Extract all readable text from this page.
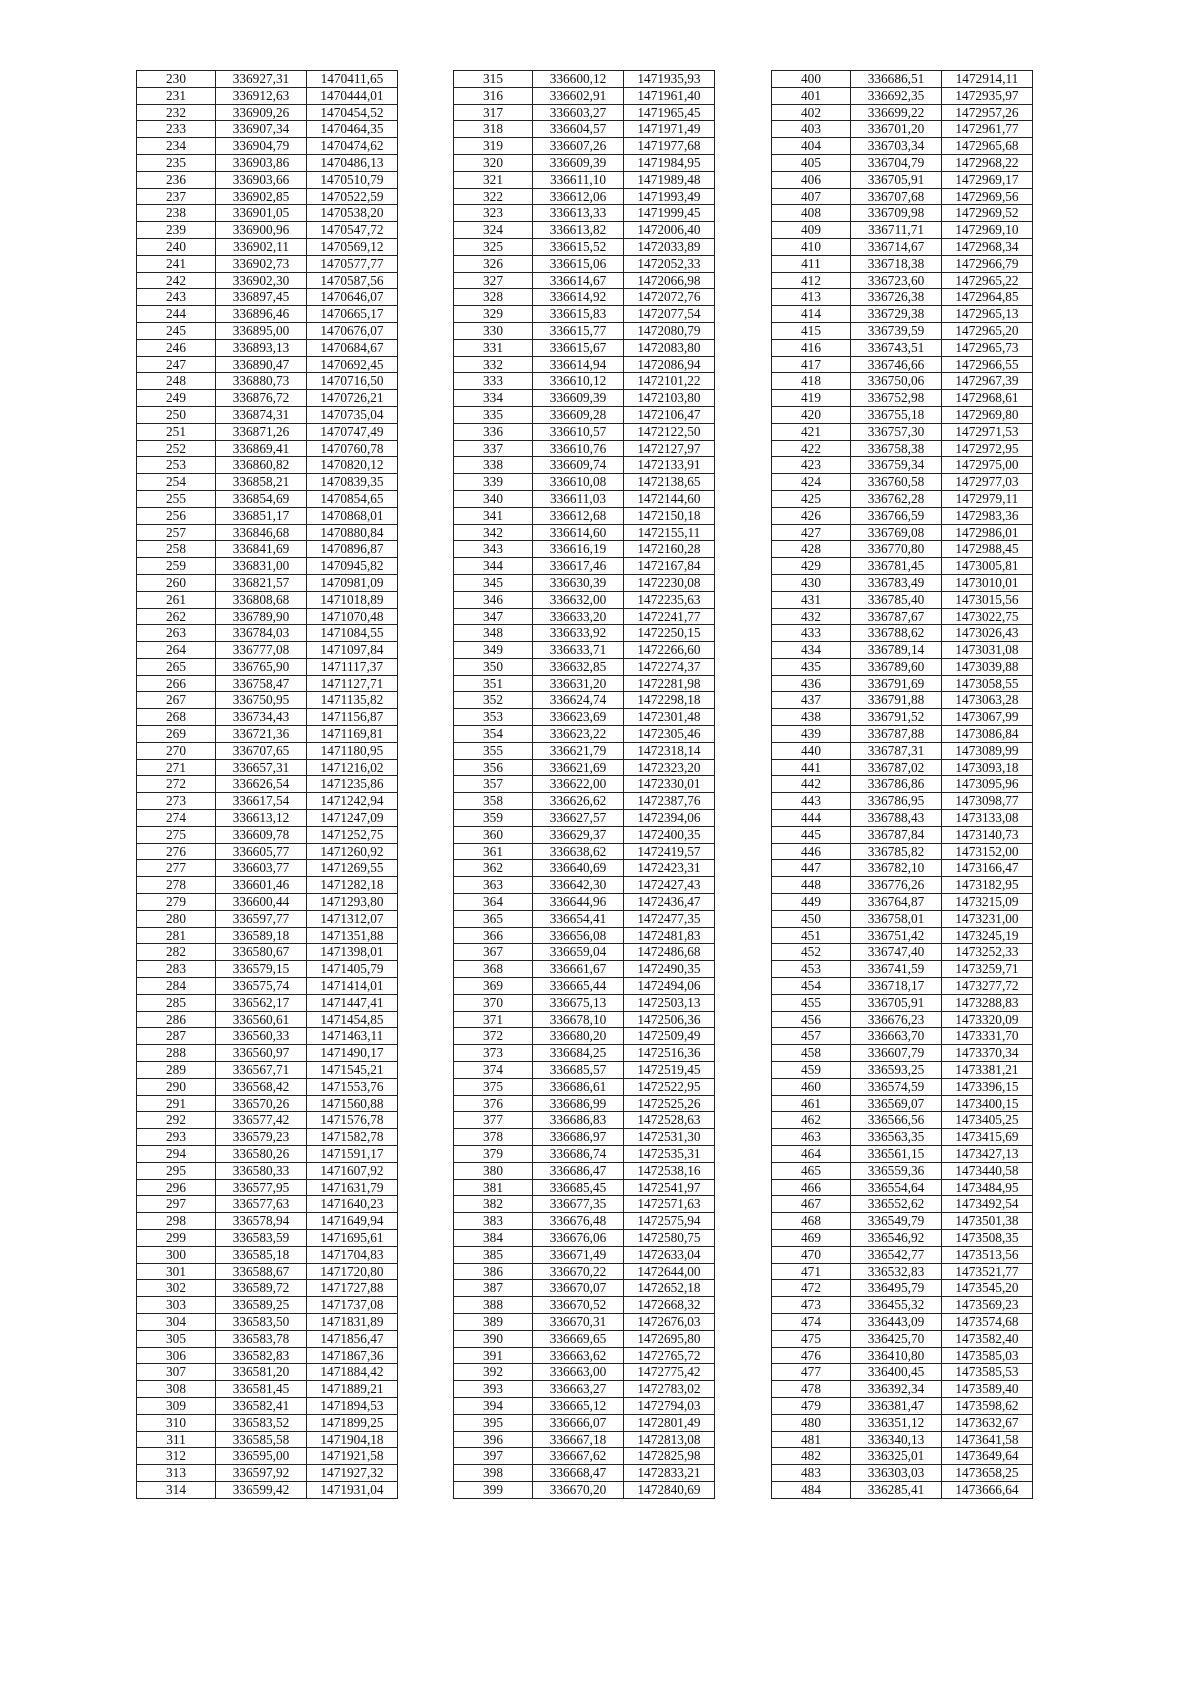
230	336927,31	1470411,65
231	336912,63	1470444,01
232	336909,26	1470454,52
233	336907,34	1470464,35
234	336904,79	1470474,62
235	336903,86	1470486,13
236	336903,66	1470510,79
237	336902,85	1470522,59
238	336901,05	1470538,20
239	336900,96	1470547,72
240	336902,11	1470569,12
241	336902,73	1470577,77
242	336902,30	1470587,56
243	336897,45	1470646,07
244	336896,46	1470665,17
245	336895,00	1470676,07
246	336893,13	1470684,67
247	336890,47	1470692,45
248	336880,73	1470716,50
249	336876,72	1470726,21
250	336874,31	1470735,04
251	336871,26	1470747,49
252	336869,41	1470760,78
253	336860,82	1470820,12
254	336858,21	1470839,35
255	336854,69	1470854,65
256	336851,17	1470868,01
257	336846,68	1470880,84
258	336841,69	1470896,87
259	336831,00	1470945,82
260	336821,57	1470981,09
261	336808,68	1471018,89
262	336789,90	1471070,48
263	336784,03	1471084,55
264	336777,08	1471097,84
265	336765,90	1471117,37
266	336758,47	1471127,71
267	336750,95	1471135,82
268	336734,43	1471156,87
269	336721,36	1471169,81
270	336707,65	1471180,95
271	336657,31	1471216,02
272	336626,54	1471235,86
273	336617,54	1471242,94
274	336613,12	1471247,09
275	336609,78	1471252,75
276	336605,77	1471260,92
277	336603,77	1471269,55
278	336601,46	1471282,18
279	336600,44	1471293,80
280	336597,77	1471312,07
281	336589,18	1471351,88
282	336580,67	1471398,01
283	336579,15	1471405,79
284	336575,74	1471414,01
285	336562,17	1471447,41
286	336560,61	1471454,85
287	336560,33	1471463,11
288	336560,97	1471490,17
289	336567,71	1471545,21
290	336568,42	1471553,76
291	336570,26	1471560,88
292	336577,42	1471576,78
293	336579,23	1471582,78
294	336580,26	1471591,17
295	336580,33	1471607,92
296	336577,95	1471631,79
297	336577,63	1471640,23
298	336578,94	1471649,94
299	336583,59	1471695,61
300	336585,18	1471704,83
301	336588,67	1471720,80
302	336589,72	1471727,88
303	336589,25	1471737,08
304	336583,50	1471831,89
305	336583,78	1471856,47
306	336582,83	1471867,36
307	336581,20	1471884,42
308	336581,45	1471889,21
309	336582,41	1471894,53
310	336583,52	1471899,25
311	336585,58	1471904,18
312	336595,00	1471921,58
313	336597,92	1471927,32
314	336599,42	1471931,04
315	336600,12	1471935,93
316	336602,91	1471961,40
317	336603,27	1471965,45
318	336604,57	1471971,49
319	336607,26	1471977,68
320	336609,39	1471984,95
321	336611,10	1471989,48
322	336612,06	1471993,49
323	336613,33	1471999,45
324	336613,82	1472006,40
325	336615,52	1472033,89
326	336615,06	1472052,33
327	336614,67	1472066,98
328	336614,92	1472072,76
329	336615,83	1472077,54
330	336615,77	1472080,79
331	336615,67	1472083,80
332	336614,94	1472086,94
333	336610,12	1472101,22
334	336609,39	1472103,80
335	336609,28	1472106,47
336	336610,57	1472122,50
337	336610,76	1472127,97
338	336609,74	1472133,91
339	336610,08	1472138,65
340	336611,03	1472144,60
341	336612,68	1472150,18
342	336614,60	1472155,11
343	336616,19	1472160,28
344	336617,46	1472167,84
345	336630,39	1472230,08
346	336632,00	1472235,63
347	336633,20	1472241,77
348	336633,92	1472250,15
349	336633,71	1472266,60
350	336632,85	1472274,37
351	336631,20	1472281,98
352	336624,74	1472298,18
353	336623,69	1472301,48
354	336623,22	1472305,46
355	336621,79	1472318,14
356	336621,69	1472323,20
357	336622,00	1472330,01
358	336626,62	1472387,76
359	336627,57	1472394,06
360	336629,37	1472400,35
361	336638,62	1472419,57
362	336640,69	1472423,31
363	336642,30	1472427,43
364	336644,96	1472436,47
365	336654,41	1472477,35
366	336656,08	1472481,83
367	336659,04	1472486,68
368	336661,67	1472490,35
369	336665,44	1472494,06
370	336675,13	1472503,13
371	336678,10	1472506,36
372	336680,20	1472509,49
373	336684,25	1472516,36
374	336685,57	1472519,45
375	336686,61	1472522,95
376	336686,99	1472525,26
377	336686,83	1472528,63
378	336686,97	1472531,30
379	336686,74	1472535,31
380	336686,47	1472538,16
381	336685,45	1472541,97
382	336677,35	1472571,63
383	336676,48	1472575,94
384	336676,06	1472580,75
385	336671,49	1472633,04
386	336670,22	1472644,00
387	336670,07	1472652,18
388	336670,52	1472668,32
389	336670,31	1472676,03
390	336669,65	1472695,80
391	336663,62	1472765,72
392	336663,00	1472775,42
393	336663,27	1472783,02
394	336665,12	1472794,03
395	336666,07	1472801,49
396	336667,18	1472813,08
397	336667,62	1472825,98
398	336668,47	1472833,21
399	336670,20	1472840,69
400	336686,51	1472914,11
401	336692,35	1472935,97
402	336699,22	1472957,26
403	336701,20	1472961,77
404	336703,34	1472965,68
405	336704,79	1472968,22
406	336705,91	1472969,17
407	336707,68	1472969,56
408	336709,98	1472969,52
409	336711,71	1472969,10
410	336714,67	1472968,34
411	336718,38	1472966,79
412	336723,60	1472965,22
413	336726,38	1472964,85
414	336729,38	1472965,13
415	336739,59	1472965,20
416	336743,51	1472965,73
417	336746,66	1472966,55
418	336750,06	1472967,39
419	336752,98	1472968,61
420	336755,18	1472969,80
421	336757,30	1472971,53
422	336758,38	1472972,95
423	336759,34	1472975,00
424	336760,58	1472977,03
425	336762,28	1472979,11
426	336766,59	1472983,36
427	336769,08	1472986,01
428	336770,80	1472988,45
429	336781,45	1473005,81
430	336783,49	1473010,01
431	336785,40	1473015,56
432	336787,67	1473022,75
433	336788,62	1473026,43
434	336789,14	1473031,08
435	336789,60	1473039,88
436	336791,69	1473058,55
437	336791,88	1473063,28
438	336791,52	1473067,99
439	336787,88	1473086,84
440	336787,31	1473089,99
441	336787,02	1473093,18
442	336786,86	1473095,96
443	336786,95	1473098,77
444	336788,43	1473133,08
445	336787,84	1473140,73
446	336785,82	1473152,00
447	336782,10	1473166,47
448	336776,26	1473182,95
449	336764,87	1473215,09
450	336758,01	1473231,00
451	336751,42	1473245,19
452	336747,40	1473252,33
453	336741,59	1473259,71
454	336718,17	1473277,72
455	336705,91	1473288,83
456	336676,23	1473320,09
457	336663,70	1473331,70
458	336607,79	1473370,34
459	336593,25	1473381,21
460	336574,59	1473396,15
461	336569,07	1473400,15
462	336566,56	1473405,25
463	336563,35	1473415,69
464	336561,15	1473427,13
465	336559,36	1473440,58
466	336554,64	1473484,95
467	336552,62	1473492,54
468	336549,79	1473501,38
469	336546,92	1473508,35
470	336542,77	1473513,56
471	336532,83	1473521,77
472	336495,79	1473545,20
473	336455,32	1473569,23
474	336443,09	1473574,68
475	336425,70	1473582,40
476	336410,80	1473585,03
477	336400,45	1473585,53
478	336392,34	1473589,40
479	336381,47	1473598,62
480	336351,12	1473632,67
481	336340,13	1473641,58
482	336325,01	1473649,64
483	336303,03	1473658,25
484	336285,41	1473666,64
